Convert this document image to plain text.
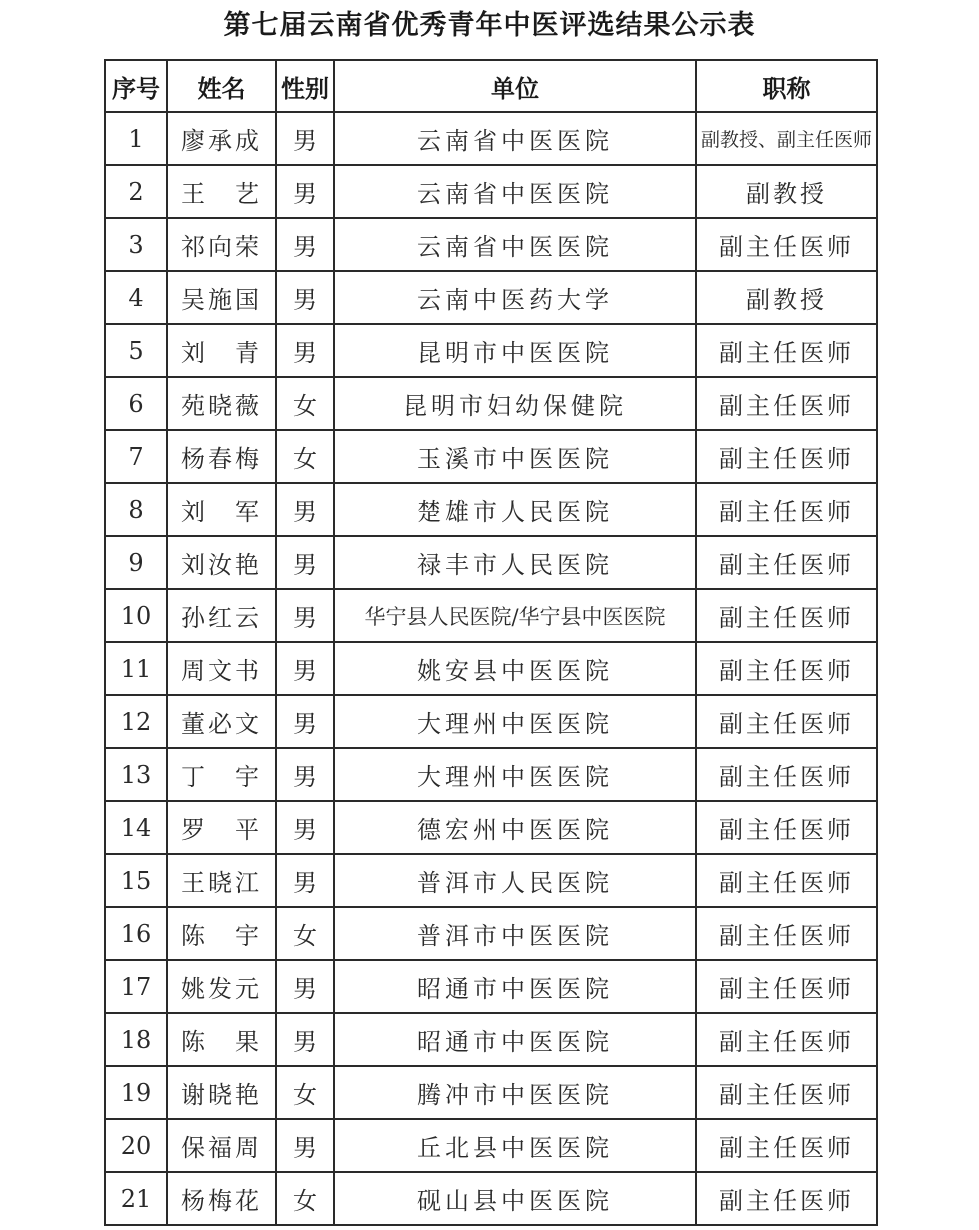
第七届云南省优秀青年中医评选结果公示表
序号	姓名	性别	单位	职称
1	廖承成	男	云南省中医医院	副教授、副主任医师
2	王　艺	男	云南省中医医院	副教授
3	祁向荣	男	云南省中医医院	副主任医师
4	吴施国	男	云南中医药大学	副教授
5	刘　青	男	昆明市中医医院	副主任医师
6	苑晓薇	女	昆明市妇幼保健院	副主任医师
7	杨春梅	女	玉溪市中医医院	副主任医师
8	刘　军	男	楚雄市人民医院	副主任医师
9	刘汝艳	男	禄丰市人民医院	副主任医师
10	孙红云	男	华宁县人民医院/华宁县中医医院	副主任医师
11	周文书	男	姚安县中医医院	副主任医师
12	董必文	男	大理州中医医院	副主任医师
13	丁　宇	男	大理州中医医院	副主任医师
14	罗　平	男	德宏州中医医院	副主任医师
15	王晓江	男	普洱市人民医院	副主任医师
16	陈　宇	女	普洱市中医医院	副主任医师
17	姚发元	男	昭通市中医医院	副主任医师
18	陈　果	男	昭通市中医医院	副主任医师
19	谢晓艳	女	腾冲市中医医院	副主任医师
20	保福周	男	丘北县中医医院	副主任医师
21	杨梅花	女	砚山县中医医院	副主任医师
